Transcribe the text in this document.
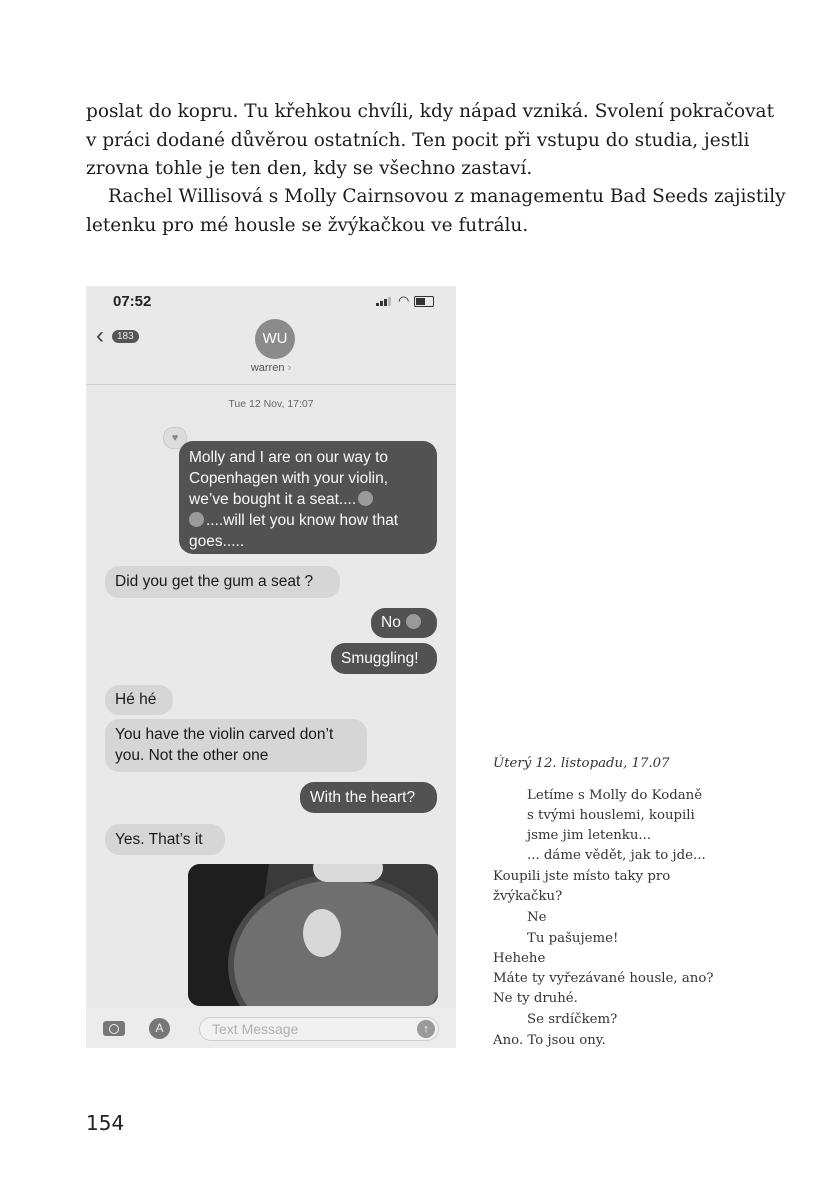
poslat do kopru. Tu křehkou chvíli, kdy nápad vzniká. Svolení pokračovat
v práci dodané důvěrou ostatních. Ten pocit při vstupu do studia, jestli
zrovna tohle je ten den, kdy se všechno zastaví.

Rachel Willisová s Molly Cairnsovou z managementu Bad Seeds zajistily
letenku pro mé housle se žvýkačkou ve futrálu.

07:52	◠
‹	183	WU
warren ›
Tue 12 Nov, 17:07
♥
Molly and I are on our way to
Copenhagen with your violin,
we’ve bought it a seat....
....will let you know how that
goes.....
Did you get the gum a seat ?
No
Smuggling!
Hé hé
You have the violin carved don’t
you. Not the other one
With the heart?
Yes. That’s it
A	Text Message	↑
Úterý 12. listopadu, 17.07
Letíme s Molly do Kodaně
s tvými houslemi, koupili
jsme jim letenku...
... dáme vědět, jak to jde...
Koupili jste místo taky pro
žvýkačku?
Ne
Tu pašujeme!
Hehehe
Máte ty vyřezávané housle, ano?
Ne ty druhé.
Se srdíčkem?
Ano. To jsou ony.
154
